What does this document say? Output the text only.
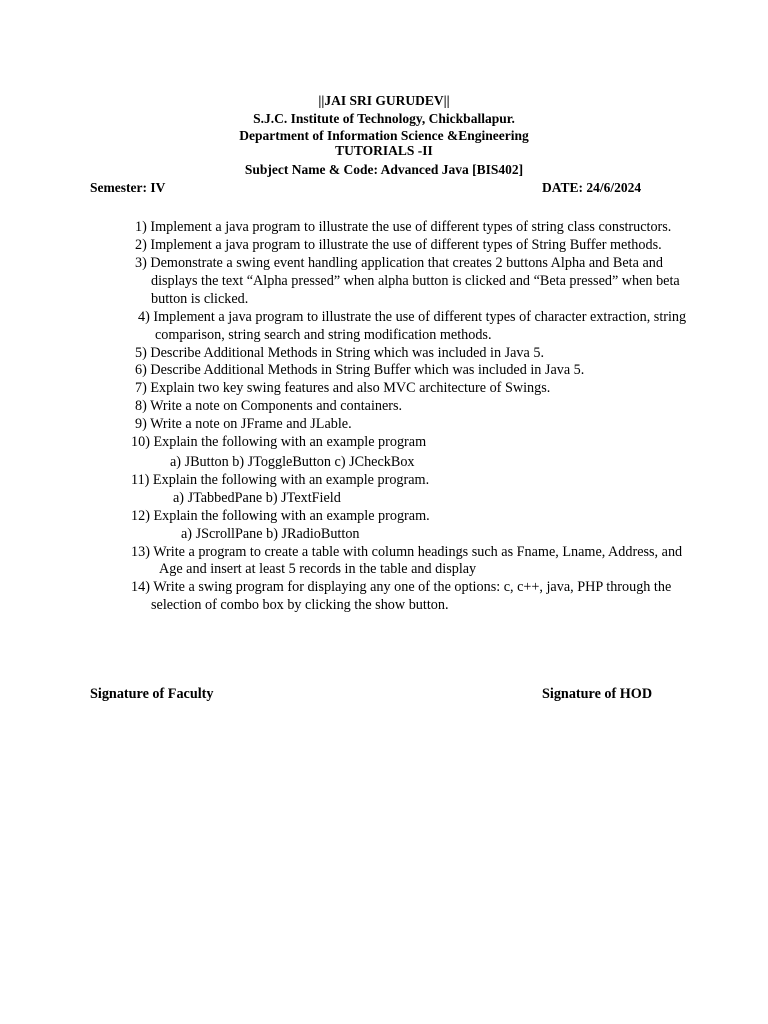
||JAI SRI GURUDEV||
S.J.C. Institute of Technology, Chickballapur.
Department of Information Science &Engineering
TUTORIALS -II
Subject Name & Code: Advanced Java [BIS402]
Semester: IV	DATE: 24/6/2024
1) Implement a java program to illustrate the use of different types of string class constructors.
2) Implement a java program to illustrate the use of different types of String Buffer methods.
3) Demonstrate a swing event handling application that creates 2 buttons Alpha and Beta and
displays the text “Alpha pressed” when alpha button is clicked and “Beta pressed” when beta
button is clicked.
4) Implement a java program to illustrate the use of different types of character extraction, string
comparison, string search and string modification methods.
5) Describe Additional Methods in String which was included in Java 5.
6) Describe Additional Methods in String Buffer which was included in Java 5.
7) Explain two key swing features and also MVC architecture of Swings.
8) Write a note on Components and containers.
9) Write a note on JFrame and JLable.
10) Explain the following with an example program
a) JButton b) JToggleButton c) JCheckBox
11) Explain the following with an example program.
a) JTabbedPane b) JTextField
12) Explain the following with an example program.
a) JScrollPane b) JRadioButton
13) Write a program to create a table with column headings such as Fname, Lname, Address, and
Age and insert at least 5 records in the table and display
14) Write a swing program for displaying any one of the options: c, c++, java, PHP through the
selection of combo box by clicking the show button.
Signature of Faculty	Signature of HOD
